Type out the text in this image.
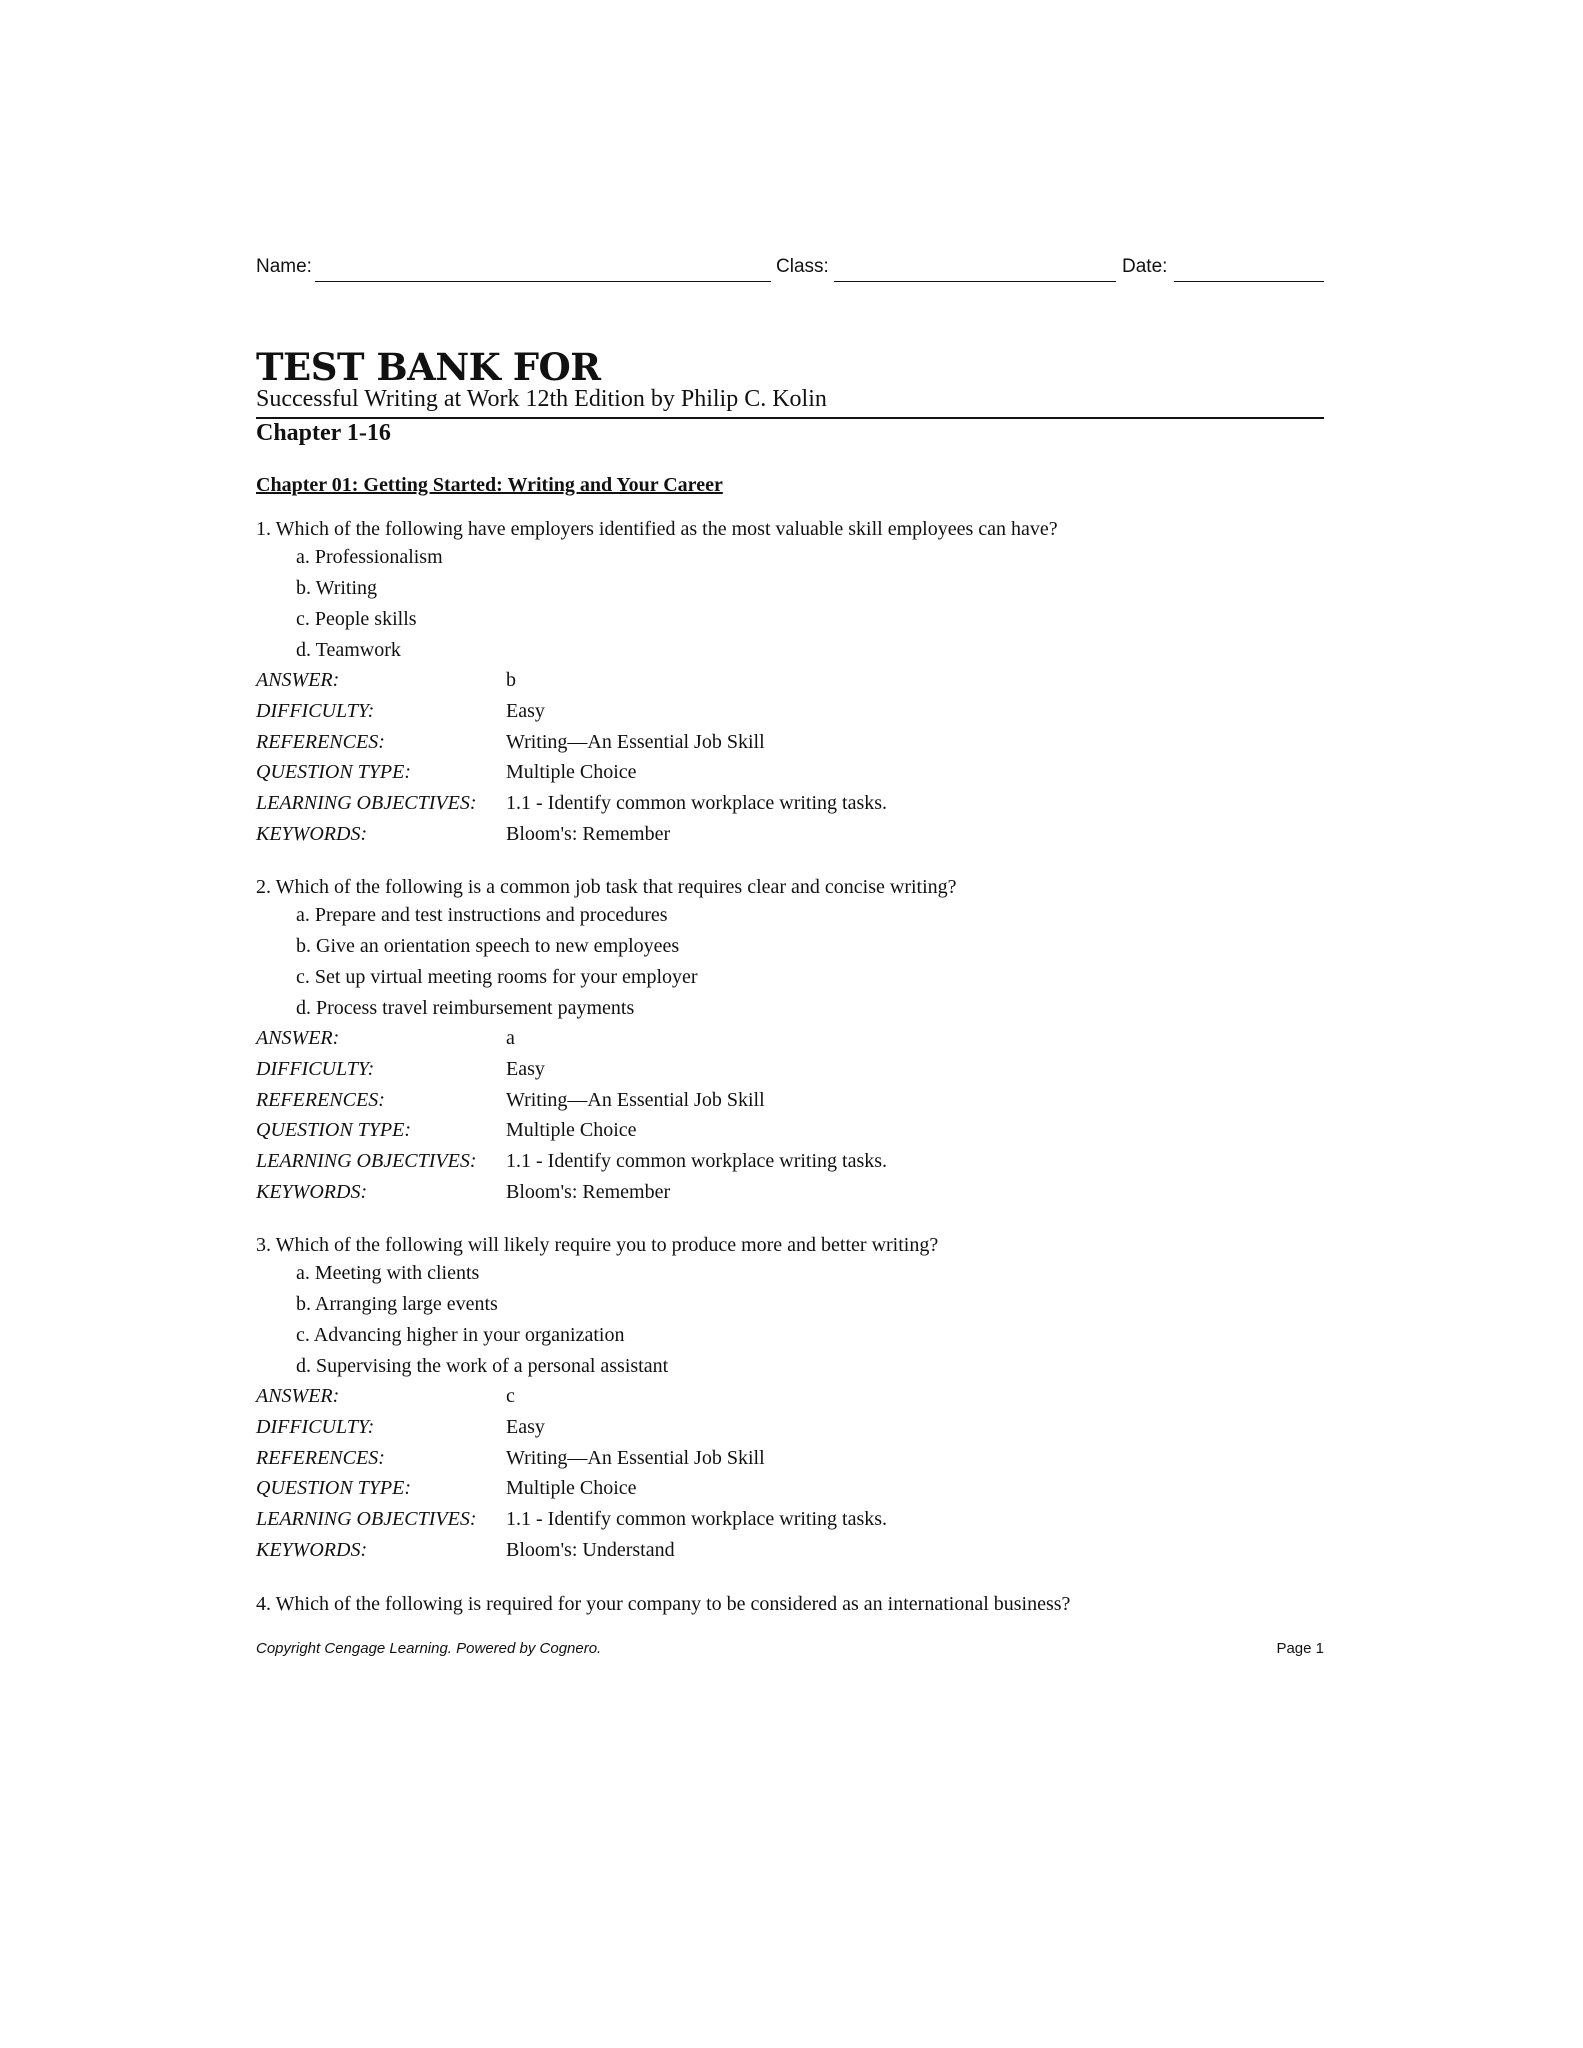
Name:	Class:	Date:
TEST BANK FOR
Successful Writing at Work 12th Edition by Philip C. Kolin
Chapter 1-16
Chapter 01: Getting Started: Writing and Your Career
1. Which of the following have employers identified as the most valuable skill employees can have?
a. Professionalism
b. Writing
c. People skills
d. Teamwork
ANSWER:	b
DIFFICULTY:	Easy
REFERENCES:	Writing—An Essential Job Skill
QUESTION TYPE:	Multiple Choice
LEARNING OBJECTIVES: 1.1 - Identify common workplace writing tasks.
KEYWORDS:	Bloom's: Remember
2. Which of the following is a common job task that requires clear and concise writing?
a. Prepare and test instructions and procedures
b. Give an orientation speech to new employees
c. Set up virtual meeting rooms for your employer
d. Process travel reimbursement payments
ANSWER:	a
DIFFICULTY:	Easy
REFERENCES:	Writing—An Essential Job Skill
QUESTION TYPE:	Multiple Choice
LEARNING OBJECTIVES: 1.1 - Identify common workplace writing tasks.
KEYWORDS:	Bloom's: Remember
3. Which of the following will likely require you to produce more and better writing?
a. Meeting with clients
b. Arranging large events
c. Advancing higher in your organization
d. Supervising the work of a personal assistant
ANSWER:	c
DIFFICULTY:	Easy
REFERENCES:	Writing—An Essential Job Skill
QUESTION TYPE:	Multiple Choice
LEARNING OBJECTIVES: 1.1 - Identify common workplace writing tasks.
KEYWORDS:	Bloom's: Understand
4. Which of the following is required for your company to be considered as an international business?
Copyright Cengage Learning. Powered by Cognero.	Page 1
